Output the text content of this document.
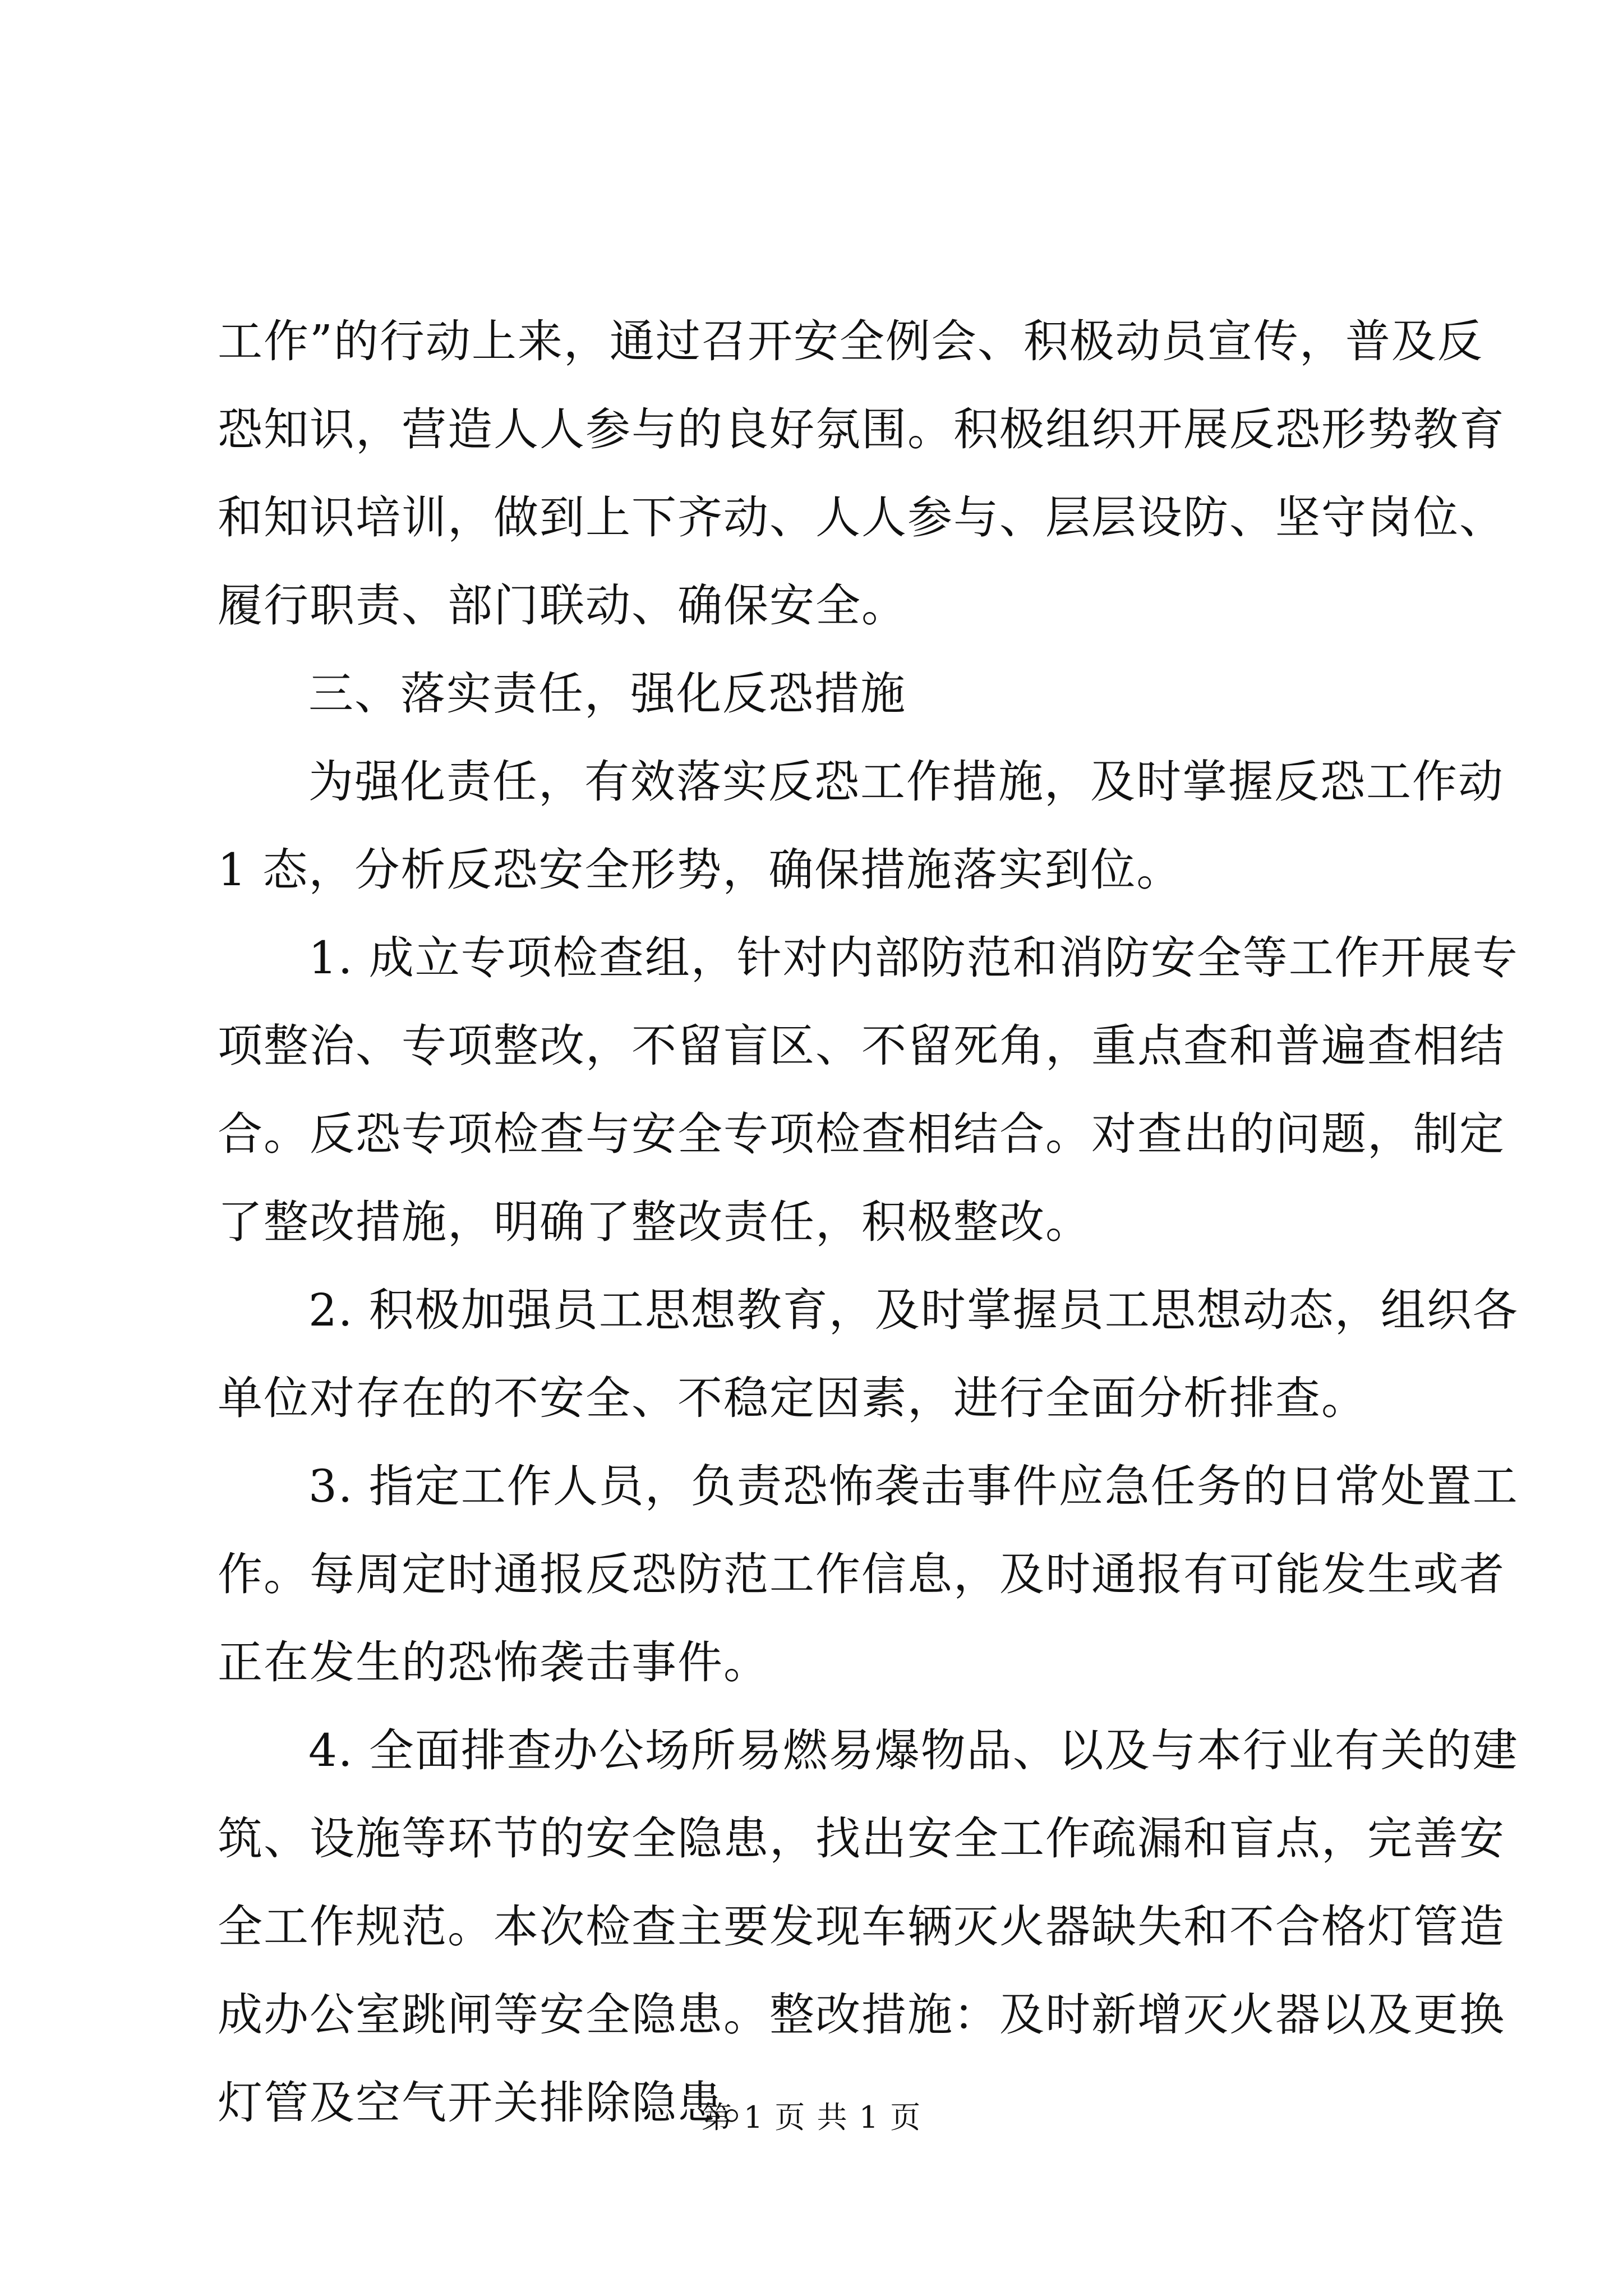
工作”的行动上来，通过召开安全例会、积极动员宣传，普及反
恐知识，营造人人参与的良好氛围。积极组织开展反恐形势教育
和知识培训，做到上下齐动、人人参与、层层设防、坚守岗位、
履行职责、部门联动、确保安全。
三、落实责任，强化反恐措施
为强化责任，有效落实反恐工作措施，及时掌握反恐工作动
1 态，分析反恐安全形势，确保措施落实到位。
1. 成立专项检查组，针对内部防范和消防安全等工作开展专
项整治、专项整改，不留盲区、不留死角，重点查和普遍查相结
合。反恐专项检查与安全专项检查相结合。对查出的问题，制定
了整改措施，明确了整改责任，积极整改。
2. 积极加强员工思想教育，及时掌握员工思想动态，组织各
单位对存在的不安全、不稳定因素，进行全面分析排查。
3. 指定工作人员，负责恐怖袭击事件应急任务的日常处置工
作。每周定时通报反恐防范工作信息，及时通报有可能发生或者
正在发生的恐怖袭击事件。
4. 全面排查办公场所易燃易爆物品、以及与本行业有关的建
筑、设施等环节的安全隐患，找出安全工作疏漏和盲点，完善安
全工作规范。本次检查主要发现车辆灭火器缺失和不合格灯管造
成办公室跳闸等安全隐患。整改措施：及时新增灭火器以及更换
灯管及空气开关排除隐患。
第 1 页 共 1 页
